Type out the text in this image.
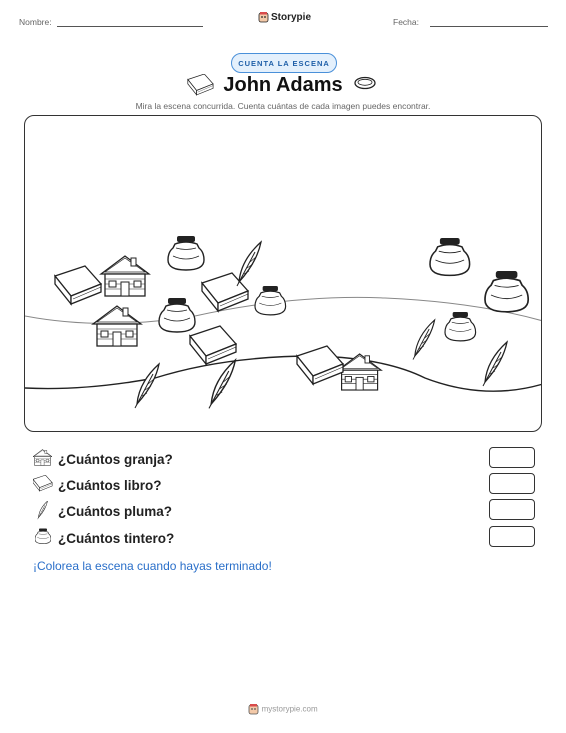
Nombre:	Storypie	Fecha:
CUENTA LA ESCENA
John Adams
Mira la escena concurrida. Cuenta cuántas de cada imagen puedes encontrar.
¿Cuántos granja?
¿Cuántos libro?
¿Cuántos pluma?
¿Cuántos tintero?
¡Colorea la escena cuando hayas terminado!
mystorypie.com
